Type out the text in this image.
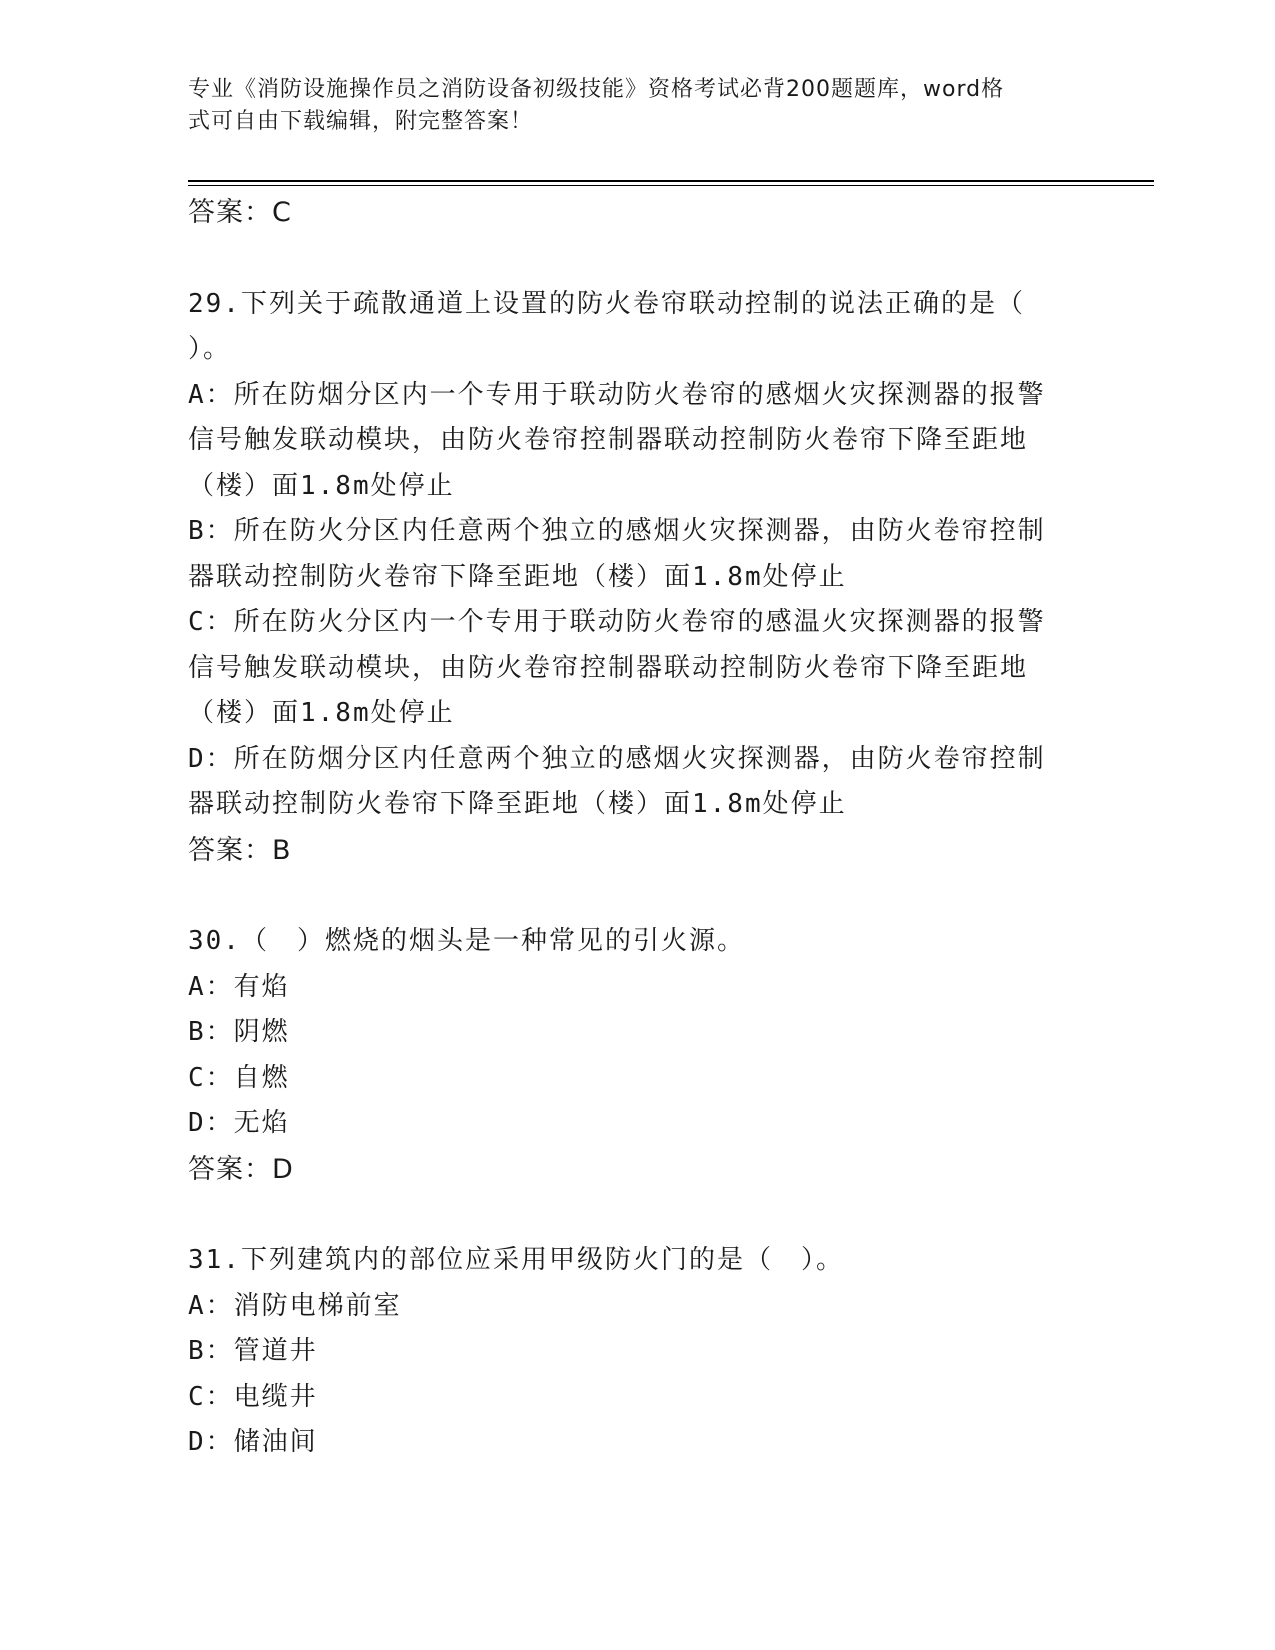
专业《消防设施操作员之消防设备初级技能》资格考试必背200题题库，word格
式可自由下载编辑，附完整答案！
答案：C
29.下列关于疏散通道上设置的防火卷帘联动控制的说法正确的是（
）。
A：所在防烟分区内一个专用于联动防火卷帘的感烟火灾探测器的报警
信号触发联动模块，由防火卷帘控制器联动控制防火卷帘下降至距地
（楼）面1.8m处停止
B：所在防火分区内任意两个独立的感烟火灾探测器，由防火卷帘控制
器联动控制防火卷帘下降至距地（楼）面1.8m处停止
C：所在防火分区内一个专用于联动防火卷帘的感温火灾探测器的报警
信号触发联动模块，由防火卷帘控制器联动控制防火卷帘下降至距地
（楼）面1.8m处停止
D：所在防烟分区内任意两个独立的感烟火灾探测器，由防火卷帘控制
器联动控制防火卷帘下降至距地（楼）面1.8m处停止
答案：B
30.（　）燃烧的烟头是一种常见的引火源。
A：有焰
B：阴燃
C：自燃
D：无焰
答案：D
31.下列建筑内的部位应采用甲级防火门的是（　）。
A：消防电梯前室
B：管道井
C：电缆井
D：储油间
